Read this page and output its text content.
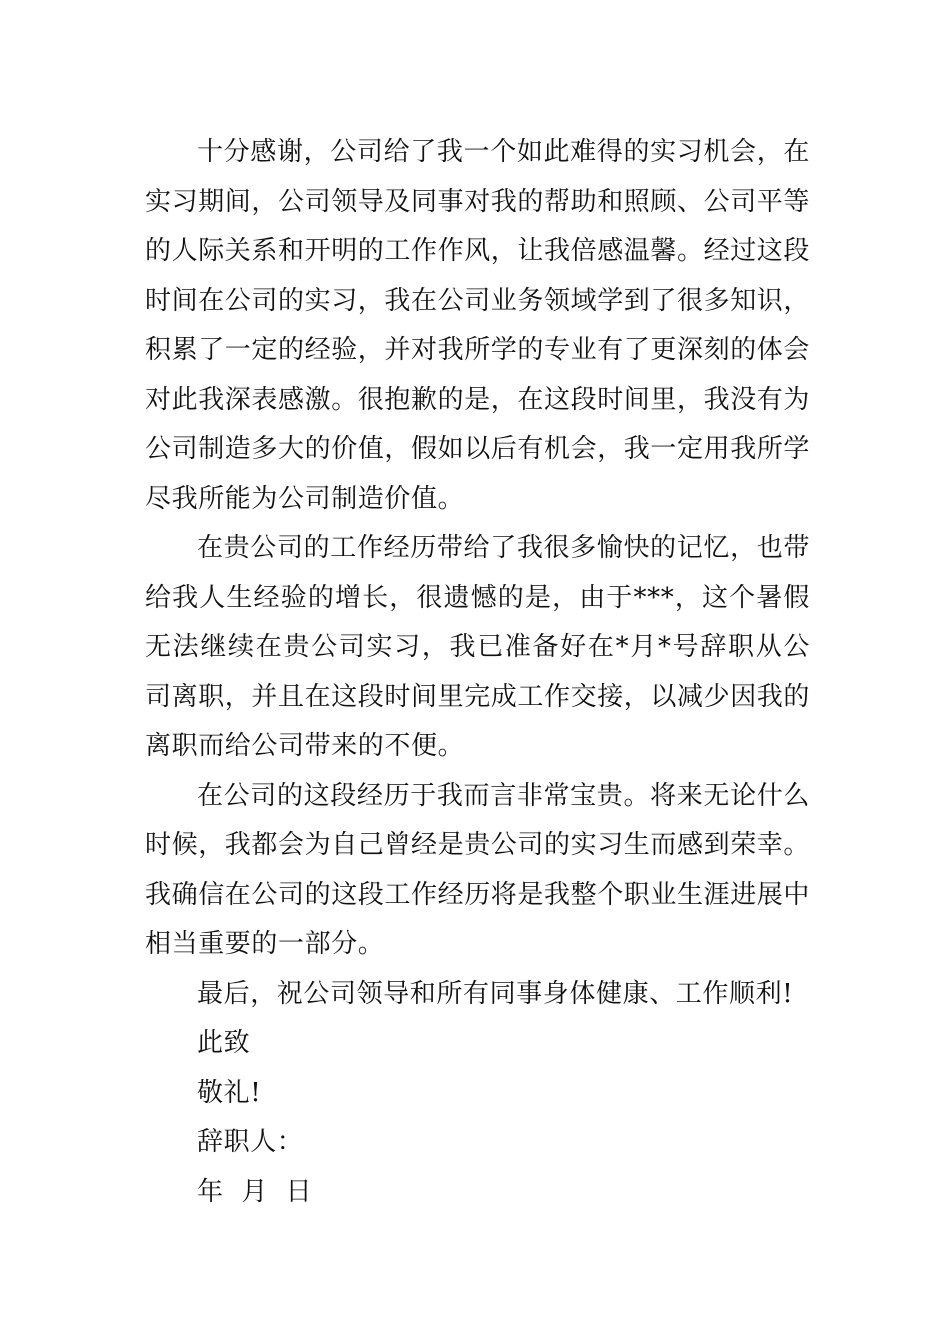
十分感谢，公司给了我一个如此难得的实习机会，在实习期间，公司领导及同事对我的帮助和照顾、公司平等的人际关系和开明的工作作风，让我倍感温馨。经过这段时间在公司的实习，我在公司业务领域学到了很多知识，积累了一定的经验，并对我所学的专业有了更深刻的体会对此我深表感激。很抱歉的是，在这段时间里，我没有为公司制造多大的价值，假如以后有机会，我一定用我所学尽我所能为公司制造价值。

在贵公司的工作经历带给了我很多愉快的记忆，也带给我人生经验的增长，很遗憾的是，由于***，这个暑假无法继续在贵公司实习，我已准备好在*月*号辞职从公司离职，并且在这段时间里完成工作交接，以减少因我的离职而给公司带来的不便。

在公司的这段经历于我而言非常宝贵。将来无论什么时候，我都会为自己曾经是贵公司的实习生而感到荣幸。我确信在公司的这段工作经历将是我整个职业生涯进展中相当重要的一部分。

最后，祝公司领导和所有同事身体健康、工作顺利!

此致

敬礼!

辞职人：

年  月  日
